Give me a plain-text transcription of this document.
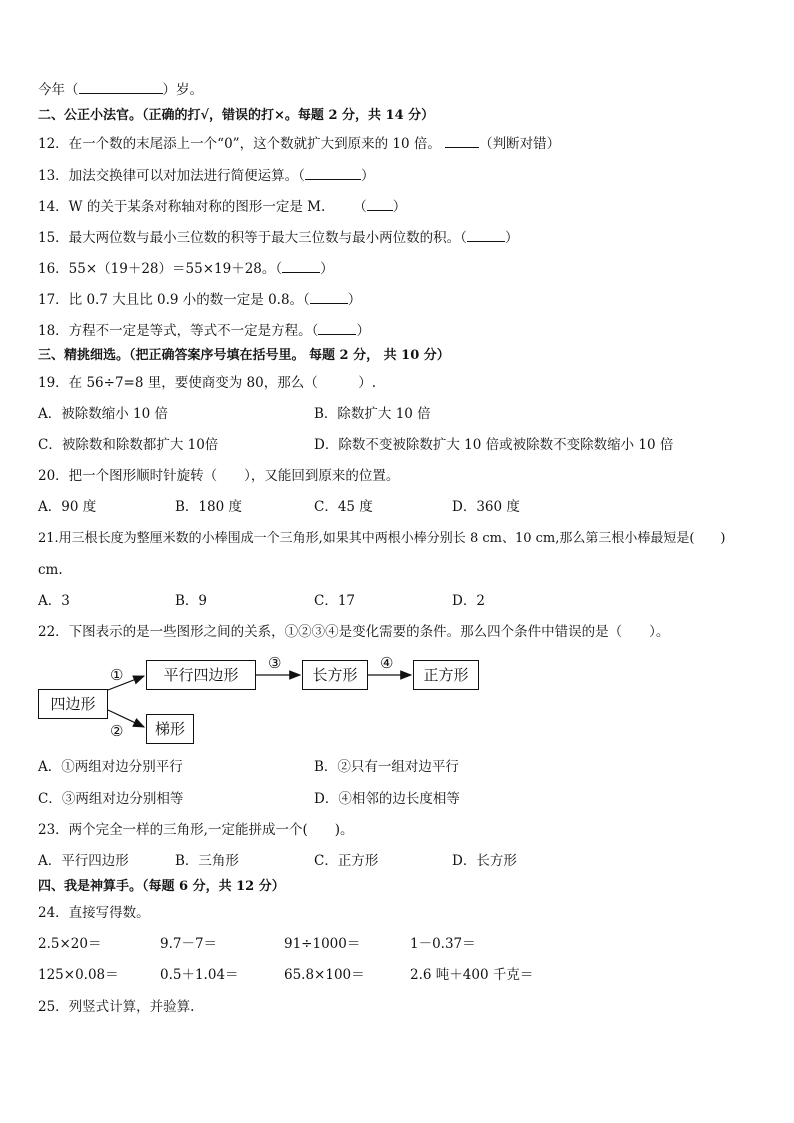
今年（	）岁。
二、公正小法官。（正确的打√，错误的打×。每题 2 分，共 14 分）
12．在一个数的末尾添上一个“0”，这个数就扩大到原来的 10 倍。	（判断对错）
13．加法交换律可以对加法进行简便运算。（	）
14．W 的关于某条对称轴对称的图形一定是 M. （ ）
15．最大两位数与最小三位数的积等于最大三位数与最小两位数的积。（	）
16．55×（19＋28）＝55×19＋28。（	）
17．比 0.7 大且比 0.9 小的数一定是 0.8。（	）
18．方程不一定是等式，等式不一定是方程。（	）
三、精挑细选。（把正确答案序号填在括号里。 每题 2 分， 共 10 分）
19．在 56÷7=8 里，要使商变为 80，那么（　　　）.
A．被除数缩小 10 倍	B．除数扩大 10 倍
C．被除数和除数都扩大 10倍	D．除数不变被除数扩大 10 倍或被除数不变除数缩小 10 倍
20．把一个图形顺时针旋转（　　），又能回到原来的位置。
A．90 度	B．180 度	C．45 度	D．360 度
21.用三根长度为整厘米数的小棒围成一个三角形,如果其中两根小棒分别长 8 cm、10 cm,那么第三根小棒最短是(　　)
cm.
A．3	B．9	C．17	D．2
22．下图表示的是一些图形之间的关系，①②③④是变化需要的条件。那么四个条件中错误的是（　　）。
四边形
平行四边形	长方形	正方形
梯形
①
②
③	④
A．①两组对边分别平行	B．②只有一组对边平行
C．③两组对边分别相等	D．④相邻的边长度相等
23．两个完全一样的三角形,一定能拼成一个(　　)。
A．平行四边形	B．三角形	C．正方形	D．长方形
四、我是神算手。（每题 6 分，共 12 分）
24．直接写得数。
2.5×20＝	9.7－7＝	91÷1000＝	1－0.37＝
125×0.08＝	0.5＋1.04＝	65.8×100＝	2.6 吨＋400 千克＝
25．列竖式计算，并验算.
